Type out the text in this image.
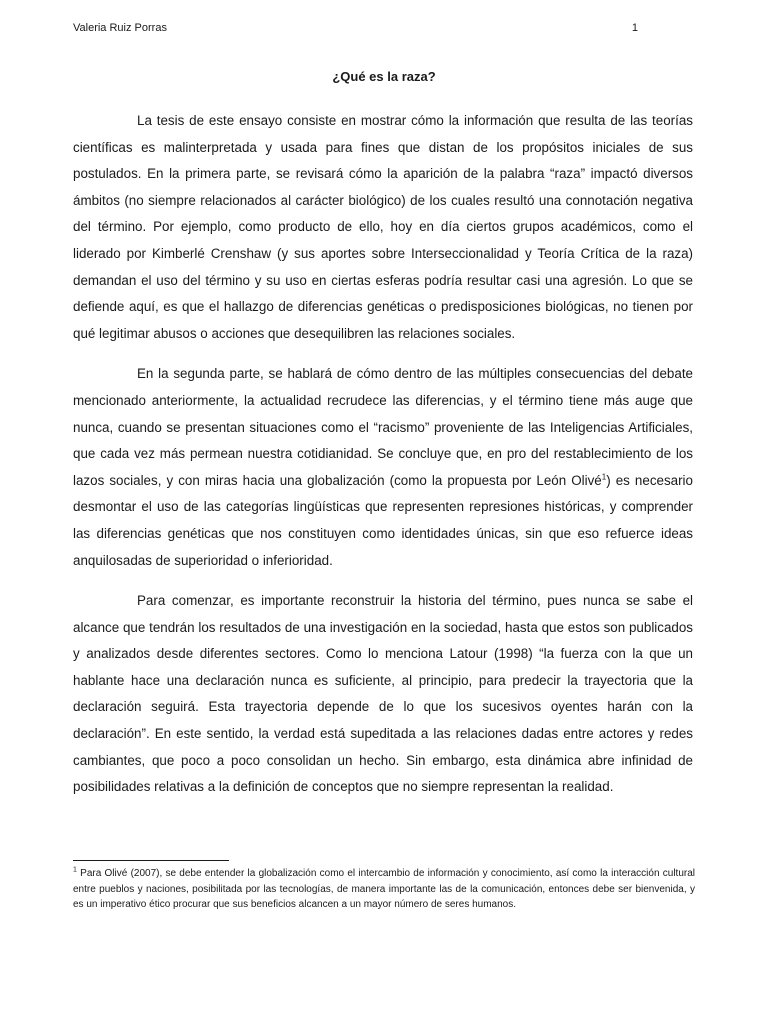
Valeria Ruiz Porras	1
¿Qué es la raza?

La tesis de este ensayo consiste en mostrar cómo la información que resulta de las teorías científicas es malinterpretada y usada para fines que distan de los propósitos iniciales de sus postulados. En la primera parte, se revisará cómo la aparición de la palabra “raza” impactó diversos ámbitos (no siempre relacionados al carácter biológico) de los cuales resultó una connotación negativa del término. Por ejemplo, como producto de ello, hoy en día ciertos grupos académicos, como el liderado por Kimberlé Crenshaw (y sus aportes sobre Interseccionalidad y Teoría Crítica de la raza) demandan el uso del término y su uso en ciertas esferas podría resultar casi una agresión. Lo que se defiende aquí, es que el hallazgo de diferencias genéticas o predisposiciones biológicas, no tienen por qué legitimar abusos o acciones que desequilibren las relaciones sociales.

En la segunda parte, se hablará de cómo dentro de las múltiples consecuencias del debate mencionado anteriormente, la actualidad recrudece las diferencias, y el término tiene más auge que nunca, cuando se presentan situaciones como el “racismo” proveniente de las Inteligencias Artificiales, que cada vez más permean nuestra cotidianidad. Se concluye que, en pro del restablecimiento de los lazos sociales, y con miras hacia una globalización (como la propuesta por León Olivé$^1$) es necesario desmontar el uso de las categorías lingüísticas que representen represiones históricas, y comprender las diferencias genéticas que nos constituyen como identidades únicas, sin que eso refuerce ideas anquilosadas de superioridad o inferioridad.

Para comenzar, es importante reconstruir la historia del término, pues nunca se sabe el alcance que tendrán los resultados de una investigación en la sociedad, hasta que estos son publicados y analizados desde diferentes sectores. Como lo menciona Latour (1998) “la fuerza con la que un hablante hace una declaración nunca es suficiente, al principio, para predecir la trayectoria que la declaración seguirá. Esta trayectoria depende de lo que los sucesivos oyentes harán con la declaración”. En este sentido, la verdad está supeditada a las relaciones dadas entre actores y redes cambiantes, que poco a poco consolidan un hecho. Sin embargo, esta dinámica abre infinidad de posibilidades relativas a la definición de conceptos que no siempre representan la realidad.

$^1$ Para Olivé (2007), se debe entender la globalización como el intercambio de información y conocimiento, así como la interacción cultural entre pueblos y naciones, posibilitada por las tecnologías, de manera importante las de la comunicación, entonces debe ser bienvenida, y es un imperativo ético procurar que sus beneficios alcancen a un mayor número de seres humanos.
